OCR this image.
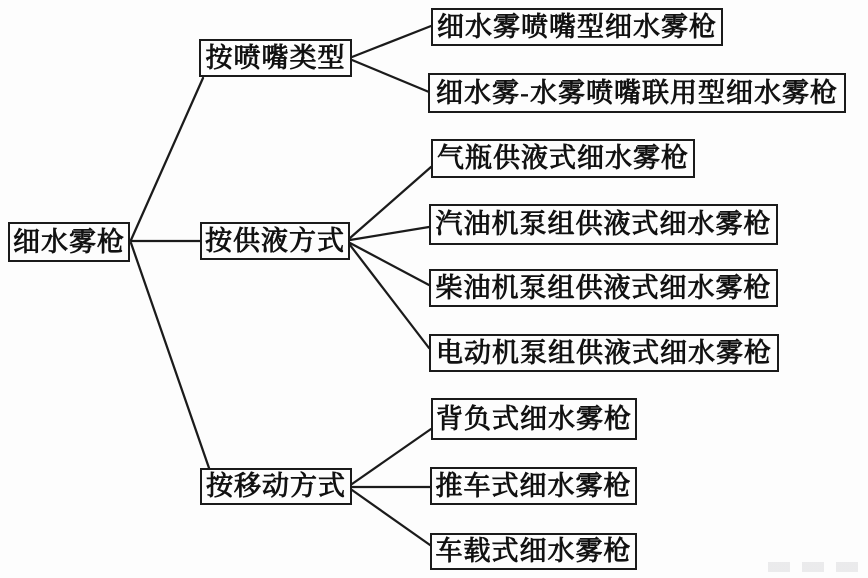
细水雾枪
按喷嘴类型
按供液方式
按移动方式
细水雾喷嘴型细水雾枪
细水雾-水雾喷嘴联用型细水雾枪
气瓶供液式细水雾枪
汽油机泵组供液式细水雾枪
柴油机泵组供液式细水雾枪
电动机泵组供液式细水雾枪
背负式细水雾枪
推车式细水雾枪
车载式细水雾枪
